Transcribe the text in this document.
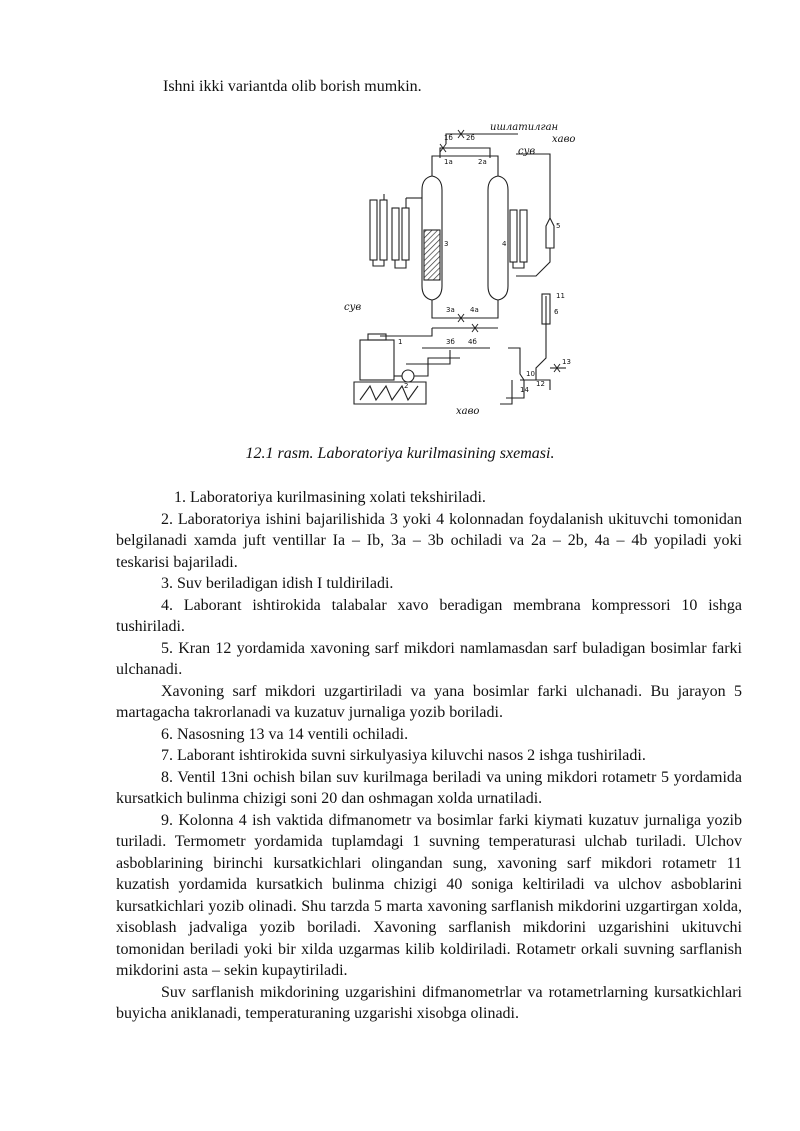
Ishni ikki variantda olib borish mumkin.
ишлатилган
хаво
сув
сув
хаво
1
2
3	4
5
6
10
11
12
13
14
1а	2а
1б 2б
3а 4а
3б 4б
12.1 rasm. Laboratoriya kurilmasining sxemasi.

1. Laboratoriya kurilmasining xolati tekshiriladi.

2. Laboratoriya ishini bajarilishida 3 yoki 4 kolonnadan foydalanish ukituvchi tomonidan belgilanadi xamda juft ventillar Ia – Ib, 3a – 3b ochiladi va 2a – 2b, 4a – 4b yopiladi yoki teskarisi bajariladi.

3. Suv beriladigan idish I tuldiriladi.

4. Laborant ishtirokida talabalar xavo beradigan membrana kompressori 10 ishga tushiriladi.

5. Kran 12 yordamida xavoning sarf mikdori namlamasdan sarf buladigan bosimlar farki ulchanadi.

Xavoning sarf mikdori uzgartiriladi va yana bosimlar farki ulchanadi. Bu jarayon 5 martagacha takrorlanadi va kuzatuv jurnaliga yozib boriladi.

6. Nasosning 13 va 14 ventili ochiladi.

7. Laborant ishtirokida suvni sirkulyasiya kiluvchi nasos 2 ishga tushiriladi.

8. Ventil 13ni ochish bilan suv kurilmaga beriladi va uning mikdori rotametr 5 yordamida kursatkich bulinma chizigi soni 20 dan oshmagan xolda urnatiladi.

9. Kolonna 4 ish vaktida difmanometr va bosimlar farki kiymati kuzatuv jurnaliga yozib turiladi. Termometr yordamida tuplamdagi 1 suvning temperaturasi ulchab turiladi. Ulchov asboblarining birinchi kursatkichlari olingandan sung, xavoning sarf mikdori rotametr 11 kuzatish yordamida kursatkich bulinma chizigi 40 soniga keltiriladi va ulchov asboblarini kursatkichlari yozib olinadi. Shu tarzda 5 marta xavoning sarflanish mikdorini uzgartirgan xolda, xisoblash jadvaliga yozib boriladi. Xavoning sarflanish mikdorini uzgarishini ukituvchi tomonidan beriladi yoki bir xilda uzgarmas kilib koldiriladi. Rotametr orkali suvning sarflanish mikdorini asta – sekin kupaytiriladi.

Suv sarflanish mikdorining uzgarishini difmanometrlar va rotametrlarning kursatkichlari buyicha aniklanadi, temperaturaning uzgarishi xisobga olinadi.
